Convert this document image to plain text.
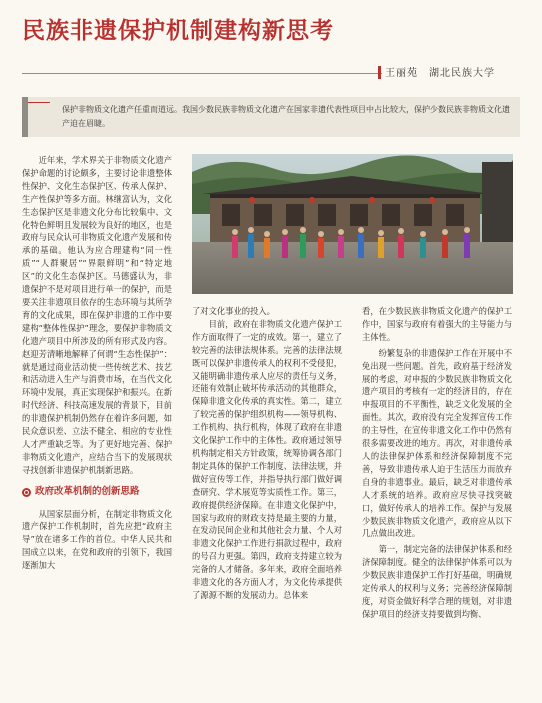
民族非遗保护机制建构新思考
王丽苑　湖北民族大学

保护非物质文化遗产任重而道远。我国少数民族非物质文化遗产在国家非遗代表性项目中占比较大，保护少数民族非物质文化遗产迫在眉睫。

近年来，学术界关于非物质文化遗产保护命题的讨论颇多，主要讨论非遗整体性保护、文化生态保护区、传承人保护、生产性保护等多方面。林继富认为，文化生态保护区是非遗文化分布比较集中、文化特色鲜明且发展较为良好的地区，也是政府与民众认可非物质文化遗产发展和传承的基础。他认为应合理建构“同一性质”“人群聚居”“界限鲜明”和“特定地区”的文化生态保护区。马德盛认为，非遗保护不是对项目进行单一的保护，而是要关注非遗项目依存的生态环境与其所孕育的文化成果，即在保护非遗的工作中要建构“整体性保护”理念，要保护非物质文化遗产项目中所涉及的所有形式及内容。赵迎芳清晰地解释了何谓“生态性保护”：就是通过商业活动使一些传统艺术、技艺和活动进入生产与消费市场，在当代文化环境中发展，真正实现保护和振兴。在新时代经济、科技高速发展的背景下，目前的非遗保护机制仍然存在着许多问题，如民众意识差、立法不健全、相应的专业性人才严重缺乏等。为了更好地完善、保护非物质文化遗产，应结合当下的发展现状寻找创新非遗保护机制新思路。

政府改革机制的创新思路

从国家层面分析，在制定非物质文化遗产保护工作机制时，首先应把“政府主导”放在诸多工作的首位。中华人民共和国成立以来，在党和政府的引领下，我国逐渐加大

了对文化事业的投入。

目前，政府在非物质文化遗产保护工作方面取得了一定的成效。第一，建立了较完善的法律法规体系。完善的法律法规既可以保护非遗传承人的权利不受侵犯，又能明确非遗传承人应尽的责任与义务，还能有效制止破坏传承活动的其他群众，保障非遗文化传承的真实性。第二，建立了较完善的保护组织机构——领导机构、工作机构、执行机构，体现了政府在非遗文化保护工作中的主体性。政府通过领导机构制定相关方针政策，统筹协调各部门制定具体的保护工作制度、法律法规，并做好宣传等工作，并指导执行部门做好调查研究、学术展览等实质性工作。第三，政府提供经济保障。在非遗文化保护中，国家与政府的财政支持是最主要的力量，在发动民间企业和其他社会力量、个人对非遗文化保护工作进行捐款过程中，政府的号召力更强。第四，政府支持建立较为完备的人才储备。多年来，政府全面培养非遗文化的各方面人才，为文化传承提供了源源不断的发展动力。总体来

看，在少数民族非物质文化遗产的保护工作中，国家与政府有着强大的主导能力与主体性。

纷繁复杂的非遗保护工作在开展中不免出现一些问题。首先，政府基于经济发展的考虑，对申报的少数民族非物质文化遗产项目的考核有一定的经济目的，存在申报项目的不平衡性，缺乏文化发展的全面性。其次，政府没有完全发挥宣传工作的主导性，在宣传非遗文化工作中仍然有很多需要改进的地方。再次，对非遗传承人的法律保护体系和经济保障制度不完善，导致非遗传承人迫于生活压力而放弃自身的非遗事业。最后，缺乏对非遗传承人才系统的培养。政府应尽快寻找突破口，做好传承人的培养工作。保护与发展少数民族非物质文化遗产，政府应从以下几点做出改进。

第一，制定完备的法律保护体系和经济保障制度。健全的法律保护体系可以为少数民族非遗保护工作打好基础，明确规定传承人的权利与义务；完善经济保障制度，对资金做好科学合理的规划，对非遗保护项目的经济支持要做到均衡、
